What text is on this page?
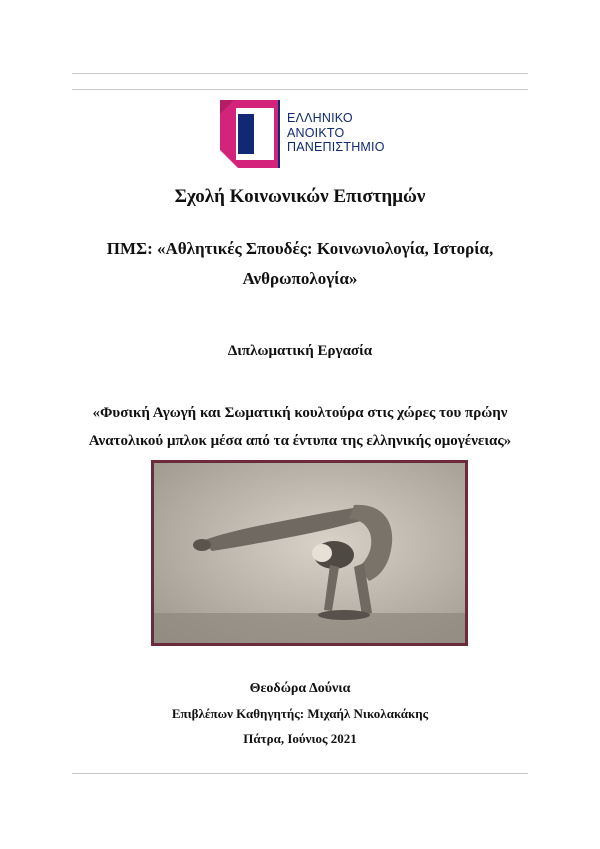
ΕΛΛΗΝΙΚΟ
ΑΝΟΙΚΤΟ
ΠΑΝΕΠΙΣΤΗΜΙΟ
Σχολή Κοινωνικών Επιστημών
ΠΜΣ: «Αθλητικές Σπουδές: Κοινωνιολογία, Ιστορία, Ανθρωπολογία»
Διπλωματική Εργασία
«Φυσική Αγωγή και Σωματική κουλτούρα στις χώρες του πρώην Ανατολικού μπλοκ μέσα από τα έντυπα της ελληνικής ομογένειας»
Θεοδώρα Δούνια
Επιβλέπων Καθηγητής: Μιχαήλ Νικολακάκης
Πάτρα, Ιούνιος 2021
